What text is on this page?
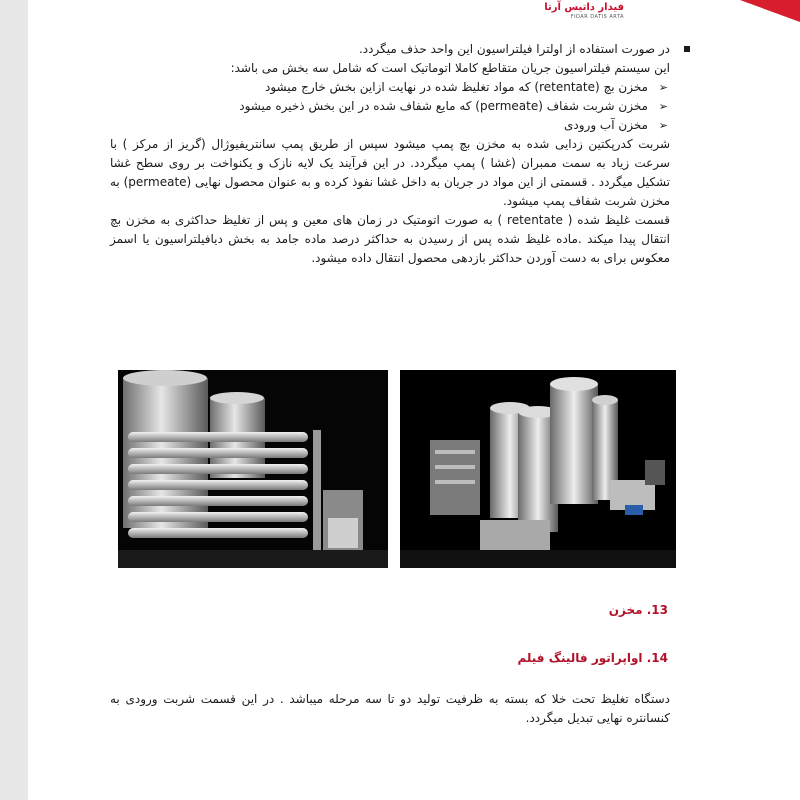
فیدار داتیس آرتا
FIDAR DATIS ARTA
در صورت استفاده از اولترا فیلتراسیون این واحد حذف میگردد.
این سیستم فیلتراسیون جریان متقاطع کاملا اتوماتیک است که شامل سه بخش می باشد:
➢
مخزن بچ (retentate) که مواد تغلیظ شده در نهایت ازاین بخش خارج میشود
➢
مخزن شربت شفاف (permeate) که مایع شفاف شده در این بخش ذخیره میشود
➢
مخزن آب ورودی
شربت کدرپکتین زدایی شده به مخزن بچ پمپ میشود سپس از طریق پمپ سانتریفیوژال (گریز از مرکز ) با سرعت زیاد به سمت ممبران (غشا ) پمپ میگردد. در این فرآیند یک لایه نازک و یکنواخت بر روی سطح غشا تشکیل میگردد . قسمتی از این مواد در جریان به داخل غشا نفوذ کرده و به عنوان محصول نهایی (permeate) به مخزن شربت شفاف پمپ میشود.
قسمت غلیظ شده ( retentate ) به صورت اتومتیک در زمان های معین و پس از تغلیظ حداکثری به مخزن بچ انتقال پیدا میکند .ماده غلیظ شده پس از رسیدن به حداکثر درصد ماده جامد به بخش دیافیلتراسیون یا اسمز معکوس برای به دست آوردن حداکثر بازدهی محصول انتقال داده میشود.
13. مخزن
14. اواپراتور فالینگ فیلم
دستگاه تغلیظ تحت خلا که بسته به ظرفیت تولید دو تا سه مرحله میباشد . در این قسمت شربت ورودی به کنسانتره نهایی تبدیل میگردد.
